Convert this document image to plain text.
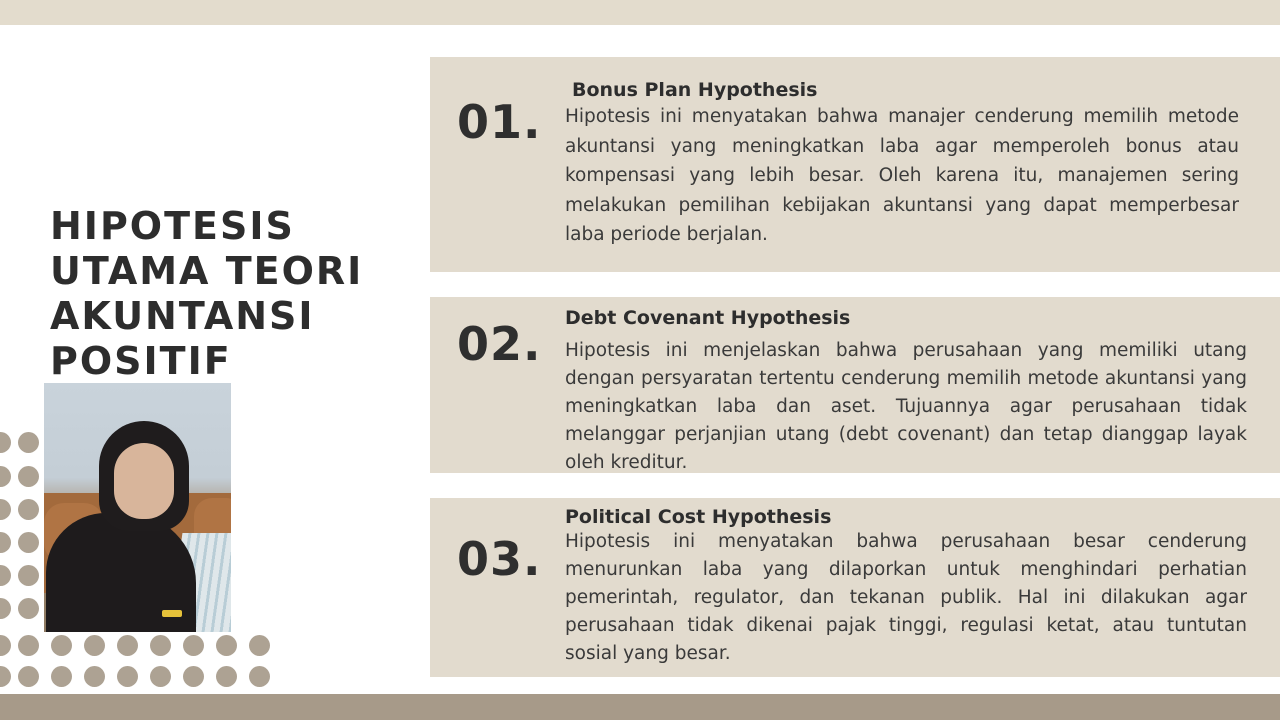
HIPOTESIS
UTAMA TEORI
AKUNTANSI
POSITIF
01.
Bonus Plan Hypothesis

Hipotesis ini menyatakan bahwa manajer cenderung memilih metode akuntansi yang meningkatkan laba agar memperoleh bonus atau kompensasi yang lebih besar. Oleh karena itu, manajemen sering melakukan pemilihan kebijakan akuntansi yang dapat memperbesar laba periode berjalan.

02. Debt Covenant Hypothesis

Hipotesis ini menjelaskan bahwa perusahaan yang memiliki utang dengan persyaratan tertentu cenderung memilih metode akuntansi yang meningkatkan laba dan aset. Tujuannya agar perusahaan tidak melanggar perjanjian utang (debt covenant) dan tetap dianggap layak oleh kreditur.

03.
Political Cost Hypothesis

Hipotesis ini menyatakan bahwa perusahaan besar cenderung menurunkan laba yang dilaporkan untuk menghindari perhatian pemerintah, regulator, dan tekanan publik. Hal ini dilakukan agar perusahaan tidak dikenai pajak tinggi, regulasi ketat, atau tuntutan sosial yang besar.
